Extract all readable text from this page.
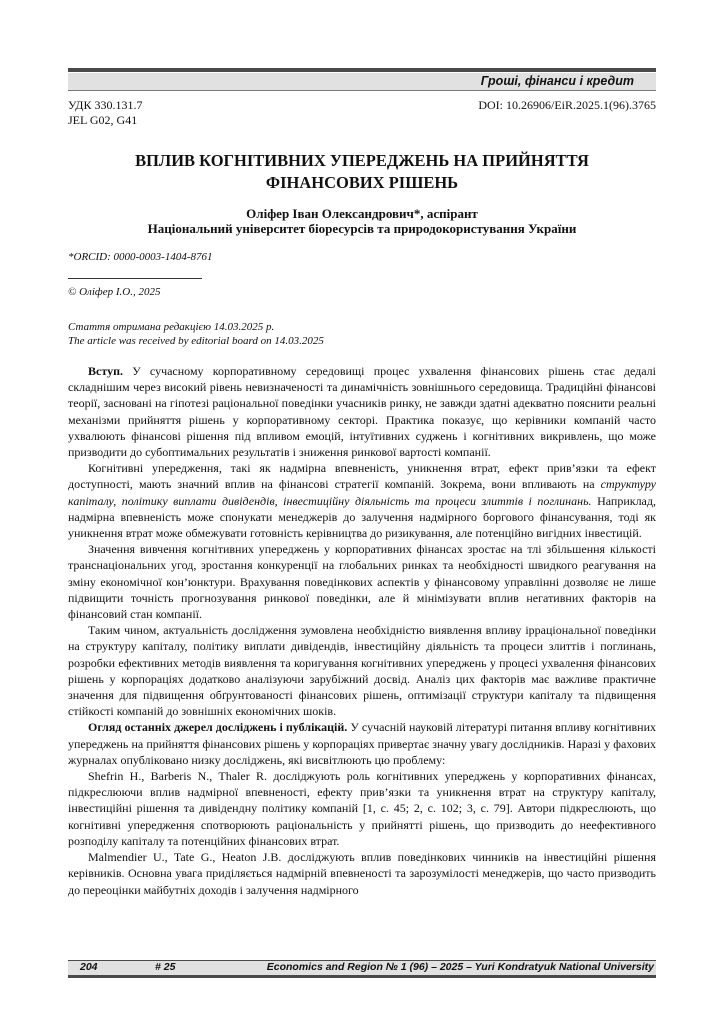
Гроші, фінанси і кредит
УДК 330.131.7
JEL G02, G41
DOI: 10.26906/EiR.2025.1(96).3765
ВПЛИВ КОГНІТИВНИХ УПЕРЕДЖЕНЬ НА ПРИЙНЯТТЯ
ФІНАНСОВИХ РІШЕНЬ
Оліфер Іван Олександрович*, аспірант
Національний університет біоресурсів та природокористування України
*ORCID: 0000-0003-1404-8761
© Оліфер І.О., 2025
Стаття отримана редакцією 14.03.2025 р.
The article was received by editorial board on 14.03.2025

Вступ. У сучасному корпоративному середовищі процес ухвалення фінансових рішень стає дедалі складнішим через високий рівень невизначеності та динамічність зовнішнього середовища. Традиційні фінансові теорії, засновані на гіпотезі раціональної поведінки учасників ринку, не завжди здатні адекватно пояснити реальні механізми прийняття рішень у корпоративному секторі. Практика показує, що керівники компаній часто ухвалюють фінансові рішення під впливом емоцій, інтуїтивних суджень і когнітивних викривлень, що може призводити до субоптимальних результатів і зниження ринкової вартості компанії.

Когнітивні упередження, такі як надмірна впевненість, уникнення втрат, ефект прив’язки та ефект доступності, мають значний вплив на фінансові стратегії компаній. Зокрема, вони впливають на структуру капіталу, політику виплати дивідендів, інвестиційну діяльність та процеси злиттів і поглинань. Наприклад, надмірна впевненість може спонукати менеджерів до залучення надмірного боргового фінансування, тоді як уникнення втрат може обмежувати готовність керівництва до ризикування, але потенційно вигідних інвестицій.

Значення вивчення когнітивних упереджень у корпоративних фінансах зростає на тлі збільшення кількості транснаціональних угод, зростання конкуренції на глобальних ринках та необхідності швидкого реагування на зміну економічної кон’юнктури. Врахування поведінкових аспектів у фінансовому управлінні дозволяє не лише підвищити точність прогнозування ринкової поведінки, але й мінімізувати вплив негативних факторів на фінансовий стан компанії.

Таким чином, актуальність дослідження зумовлена необхідністю виявлення впливу ірраціональної поведінки на структуру капіталу, політику виплати дивідендів, інвестиційну діяльність та процеси злиттів і поглинань, розробки ефективних методів виявлення та коригування когнітивних упереджень у процесі ухвалення фінансових рішень у корпораціях додатково аналізуючи зарубіжний досвід. Аналіз цих факторів має важливе практичне значення для підвищення обґрунтованості фінансових рішень, оптимізації структури капіталу та підвищення стійкості компаній до зовнішніх економічних шоків.

Огляд останніх джерел досліджень і публікацій. У сучасній науковій літературі питання впливу когнітивних упереджень на прийняття фінансових рішень у корпораціях привертає значну увагу дослідників. Наразі у фахових журналах опубліковано низку досліджень, які висвітлюють цю проблему:

Shefrin H., Barberis N., Thaler R. досліджують роль когнітивних упереджень у корпоративних фінансах, підкреслюючи вплив надмірної впевненості, ефекту прив’язки та уникнення втрат на структуру капіталу, інвестиційні рішення та дивідендну політику компаній [1, с. 45; 2, с. 102; 3, с. 79]. Автори підкреслюють, що когнітивні упередження спотворюють раціональність у прийнятті рішень, що призводить до неефективного розподілу капіталу та потенційних фінансових втрат.

Malmendier U., Tate G., Heaton J.B. досліджують вплив поведінкових чинників на інвестиційні рішення керівників. Основна увага приділяється надмірній впевненості та зарозумілості менеджерів, що часто призводить до переоцінки майбутніх доходів і залучення надмірного

204	# 25	Economics and Region № 1 (96) – 2025 – Yuri Kondratyuk National University
